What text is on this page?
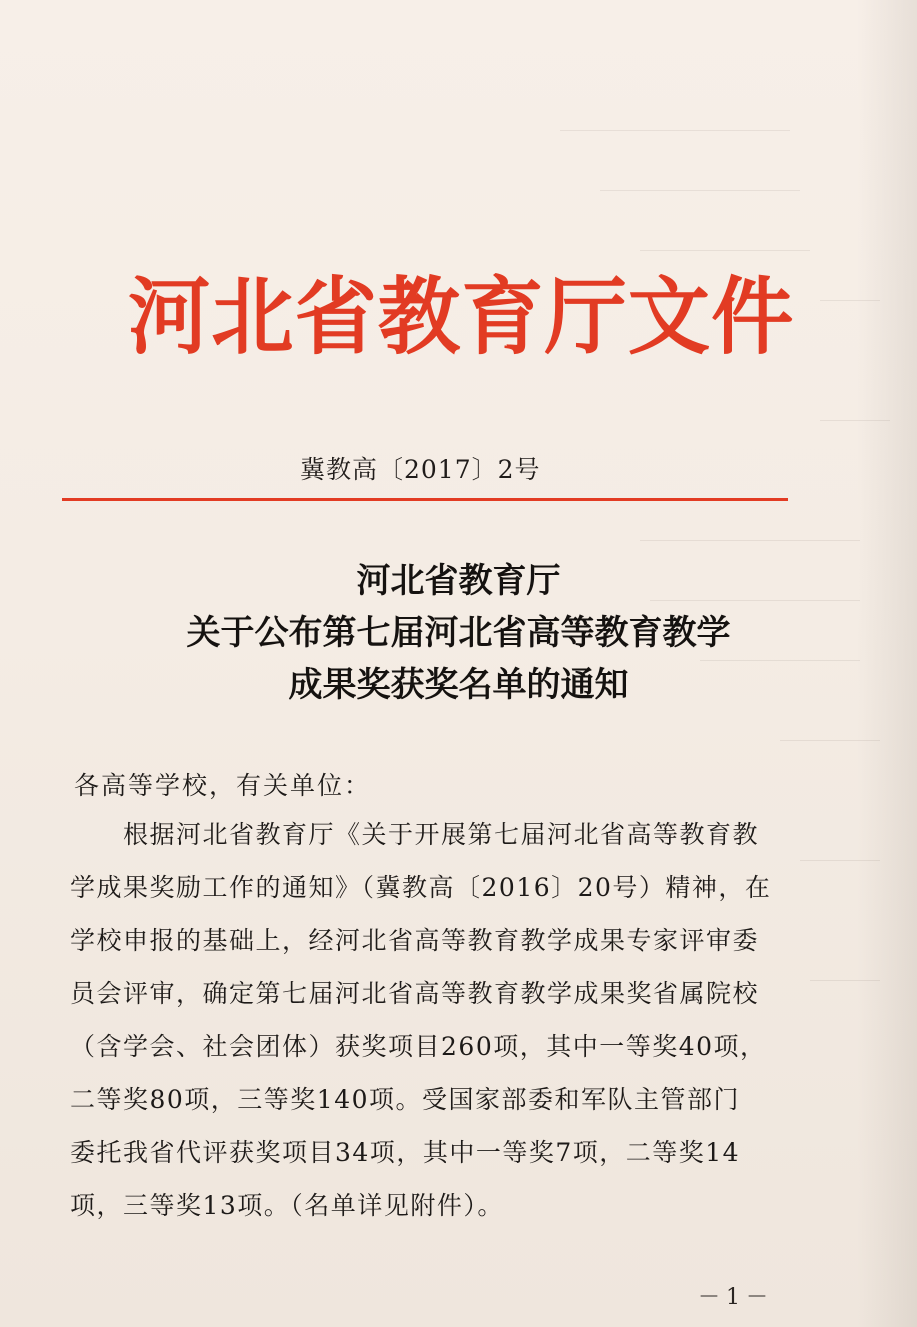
河北省教育厅文件
冀教高〔2017〕2号
河北省教育厅
关于公布第七届河北省高等教育教学
成果奖获奖名单的通知
各高等学校，有关单位：
　　根据河北省教育厅《关于开展第七届河北省高等教育教
学成果奖励工作的通知》（冀教高〔2016〕20号）精神，在
学校申报的基础上，经河北省高等教育教学成果专家评审委
员会评审，确定第七届河北省高等教育教学成果奖省属院校
（含学会、社会团体）获奖项目260项，其中一等奖40项，
二等奖80项，三等奖140项。受国家部委和军队主管部门
委托我省代评获奖项目34项，其中一等奖7项，二等奖14
项，三等奖13项。（名单详见附件）。
－1－
